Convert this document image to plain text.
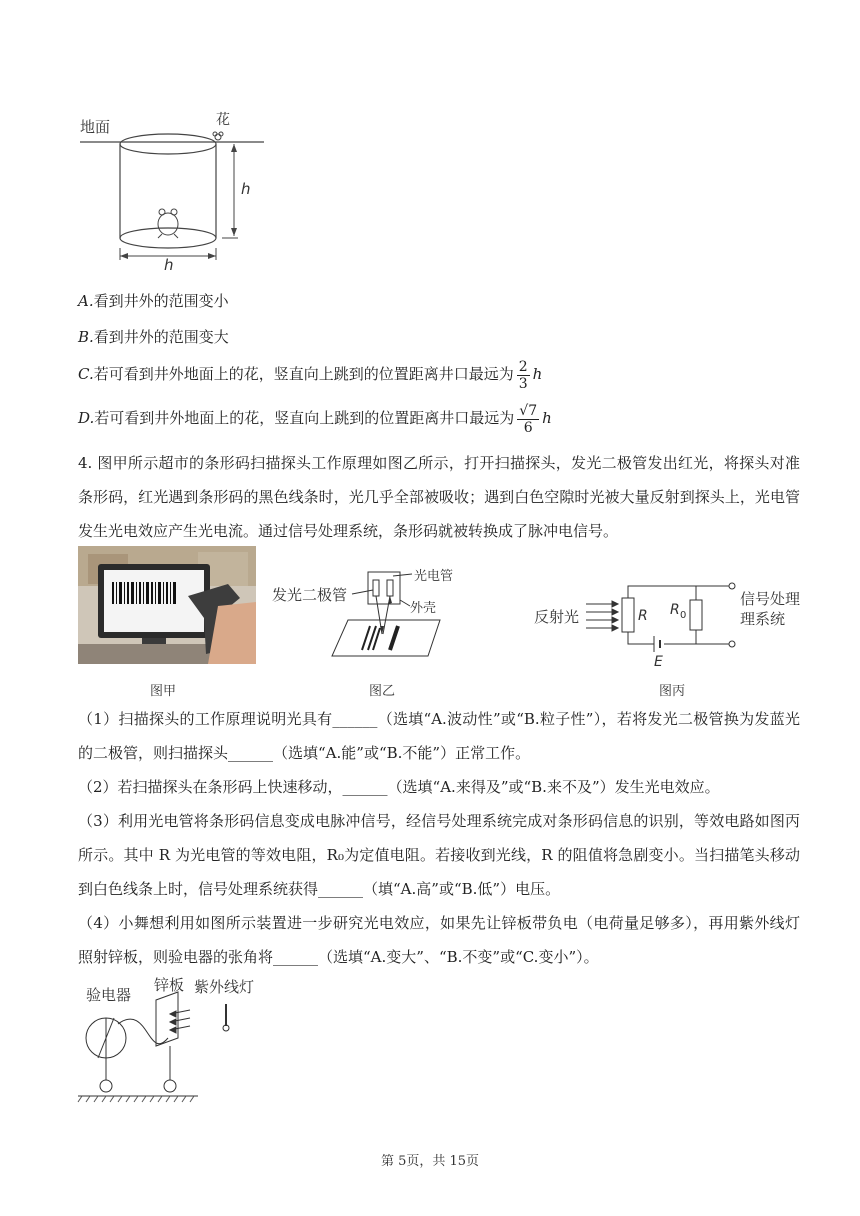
地面	花
h
h
A.看到井外的范围变小
B.看到井外的范围变大
C.若可看到井外地面上的花，竖直向上跳到的位置距离井口最远为 $\frac{2}{3}$ h
D.若可看到井外地面上的花，竖直向上跳到的位置距离井口最远为 $\frac{√7}{6}$ h
4. 图甲所示超市的条形码扫描探头工作原理如图乙所示，打开扫描探头，发光二极管发出红光，将探头对准条形码，红光遇到条形码的黑色线条时，光几乎全部被吸收；遇到白色空隙时光被大量反射到探头上，光电管发生光电效应产生光电流。通过信号处理系统，条形码就被转换成了脉冲电信号。
发光二极管
光电管
外壳	反射光	R R 0
E
信号处理
理系统
图甲	图乙	图丙
（1）扫描探头的工作原理说明光具有______（选填“A.波动性”或“B.粒子性”），若将发光二极管换为发蓝光的二极管，则扫描探头______（选填“A.能”或“B.不能”）正常工作。
（2）若扫描探头在条形码上快速移动，______（选填“A.来得及”或“B.来不及”）发生光电效应。
（3）利用光电管将条形码信息变成电脉冲信号，经信号处理系统完成对条形码信息的识别，等效电路如图丙所示。其中 R 为光电管的等效电阻，R₀为定值电阻。若接收到光线，R 的阻值将急剧变小。当扫描笔头移动到白色线条上时，信号处理系统获得______（填“A.高”或“B.低”）电压。
（4）小舞想利用如图所示装置进一步研究光电效应，如果先让锌板带负电（电荷量足够多），再用紫外线灯照射锌板，则验电器的张角将______（选填“A.变大”、“B.不变”或“C.变小”）。
验电器
锌板 紫外线灯
第 5页，共 15页
